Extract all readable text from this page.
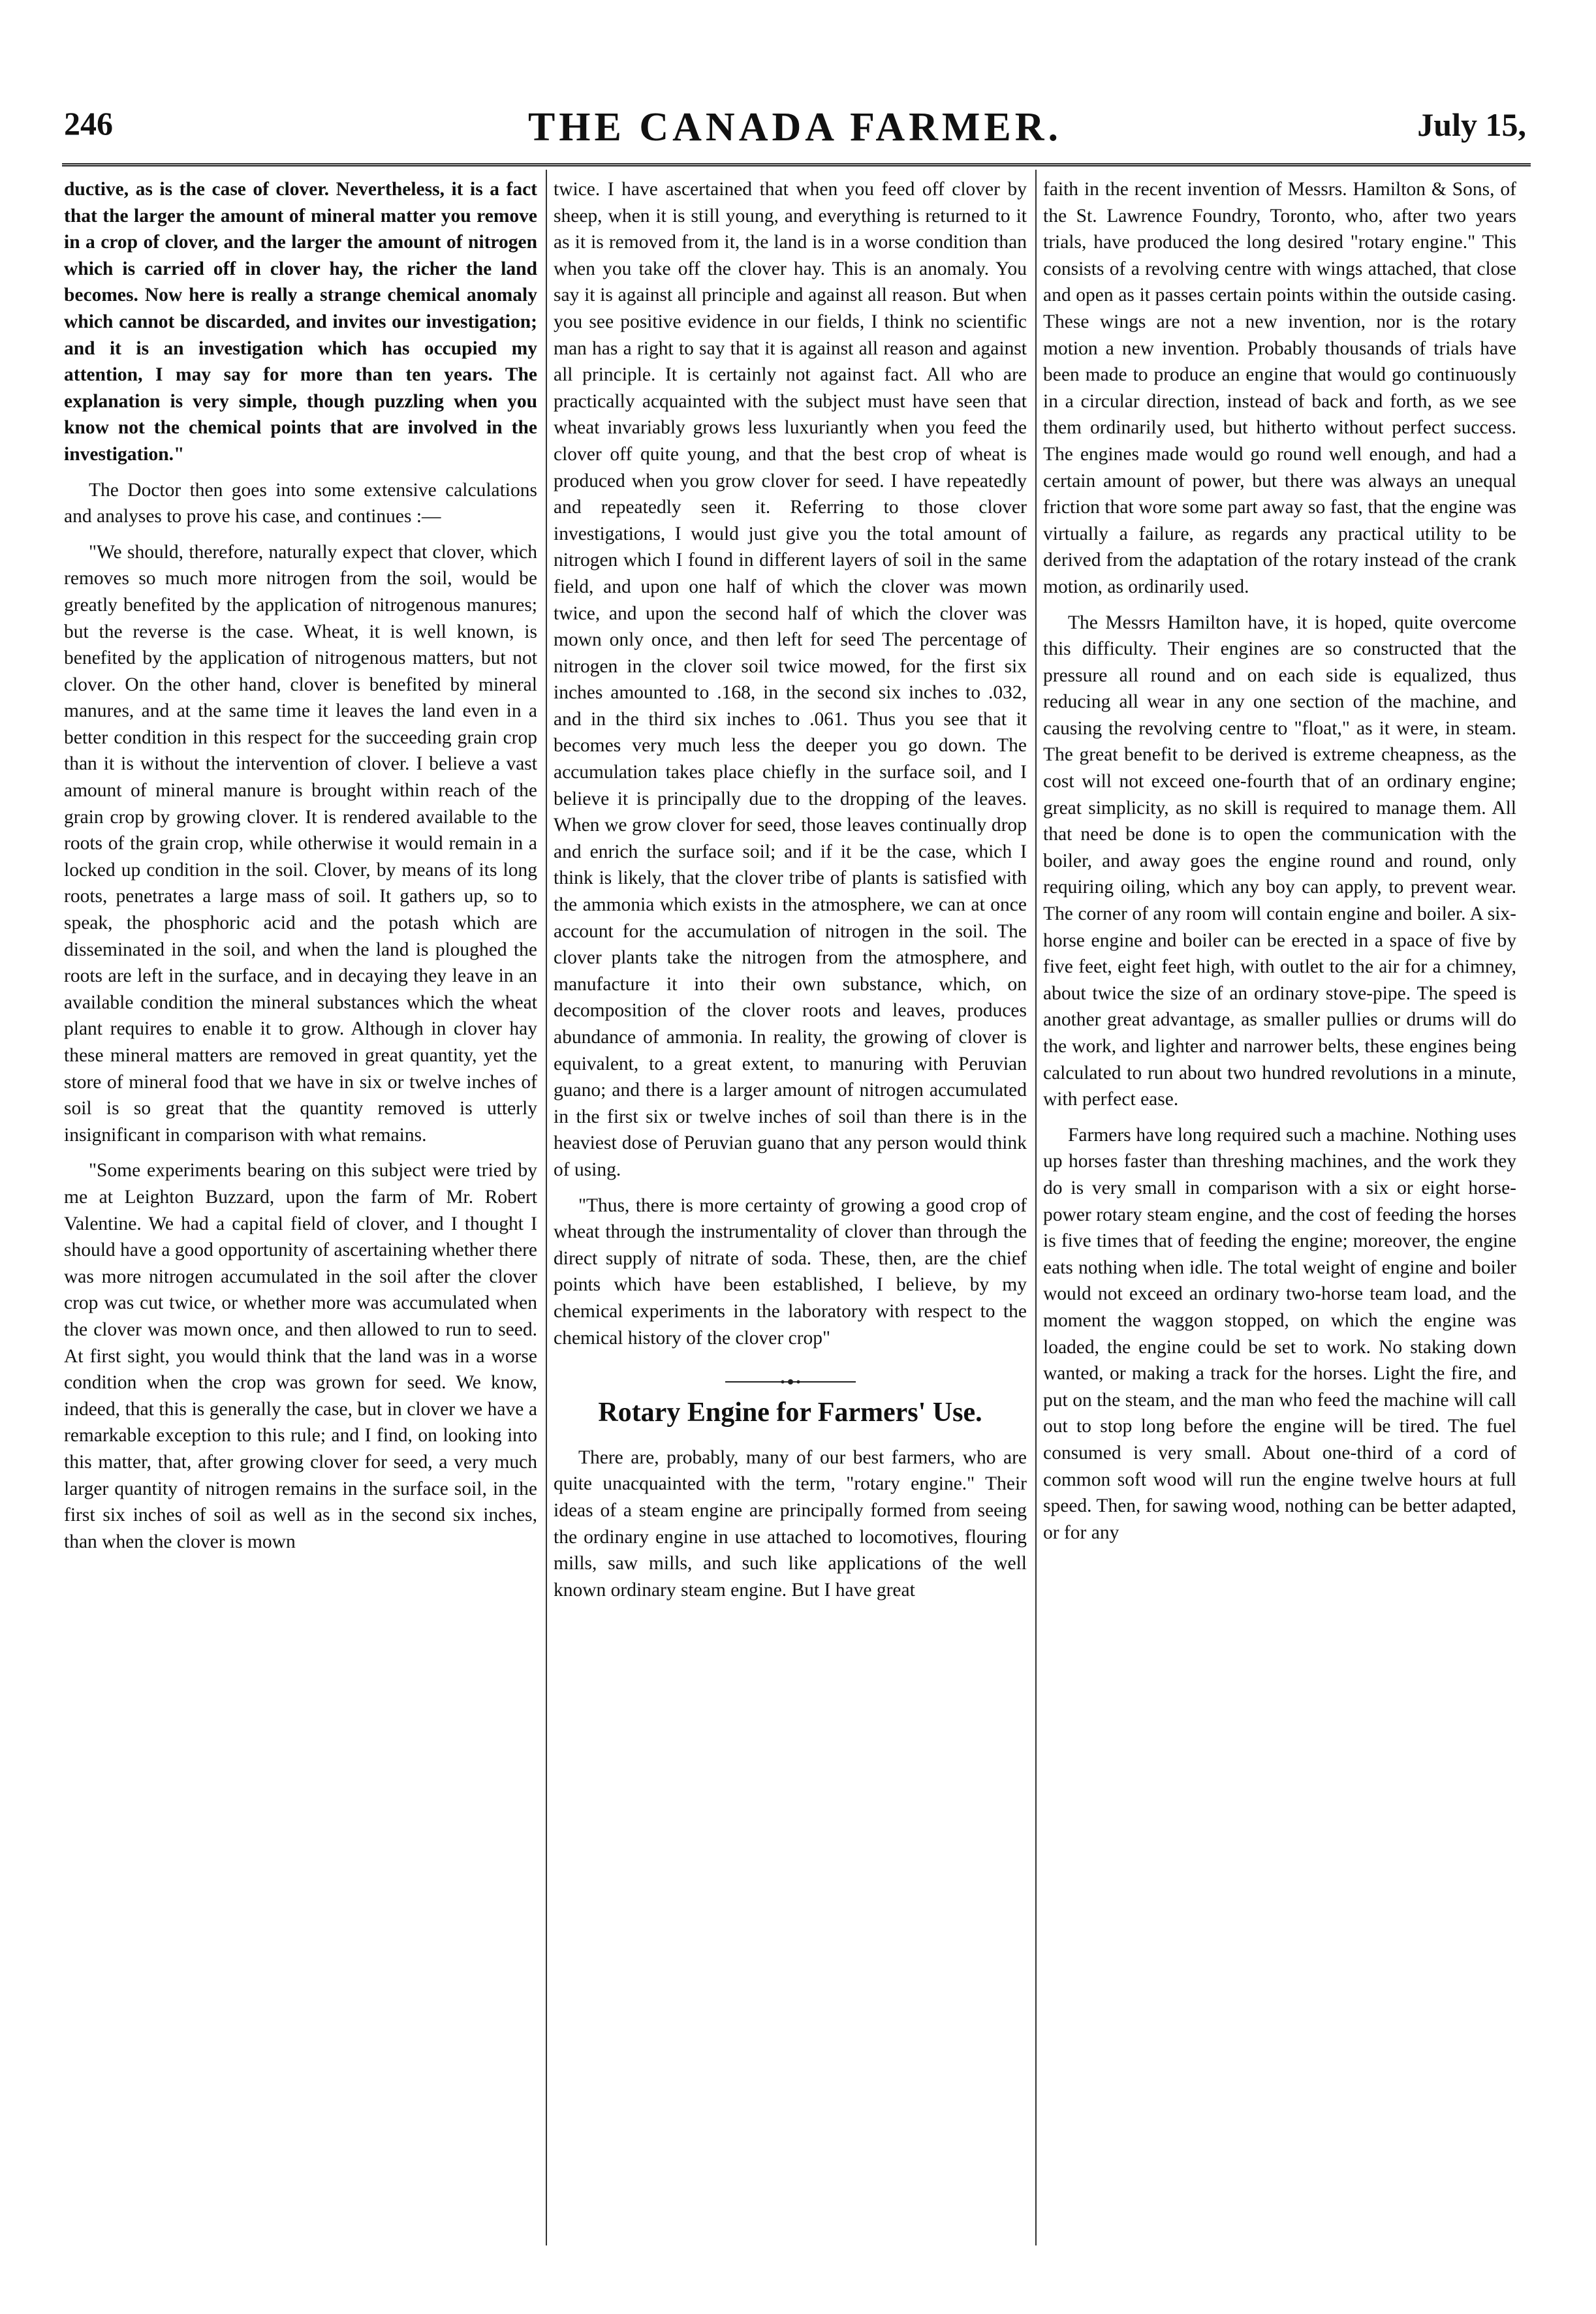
246	THE CANADA FARMER.	July 15,

ductive, as is the case of clover. Nevertheless, it is a fact that the larger the amount of mineral matter you remove in a crop of clover, and the larger the amount of nitrogen which is carried off in clover hay, the richer the land becomes. Now here is really a strange chemical anomaly which cannot be discarded, and invites our investigation; and it is an investigation which has occupied my attention, I may say for more than ten years. The explanation is very simple, though puzzling when you know not the chemical points that are involved in the investigation."

The Doctor then goes into some extensive calculations and analyses to prove his case, and continues :—

"We should, therefore, naturally expect that clover, which removes so much more nitrogen from the soil, would be greatly benefited by the application of nitrogenous manures; but the reverse is the case. Wheat, it is well known, is benefited by the application of nitrogenous matters, but not clover. On the other hand, clover is benefited by mineral manures, and at the same time it leaves the land even in a better condition in this respect for the succeeding grain crop than it is without the intervention of clover. I believe a vast amount of mineral manure is brought within reach of the grain crop by growing clover. It is rendered available to the roots of the grain crop, while otherwise it would remain in a locked up condition in the soil. Clover, by means of its long roots, penetrates a large mass of soil. It gathers up, so to speak, the phosphoric acid and the potash which are disseminated in the soil, and when the land is ploughed the roots are left in the surface, and in decaying they leave in an available condition the mineral substances which the wheat plant requires to enable it to grow. Although in clover hay these mineral matters are removed in great quantity, yet the store of mineral food that we have in six or twelve inches of soil is so great that the quantity removed is utterly insignificant in comparison with what remains.

"Some experiments bearing on this subject were tried by me at Leighton Buzzard, upon the farm of Mr. Robert Valentine. We had a capital field of clover, and I thought I should have a good opportunity of ascertaining whether there was more nitrogen accumulated in the soil after the clover crop was cut twice, or whether more was accumulated when the clover was mown once, and then allowed to run to seed. At first sight, you would think that the land was in a worse condition when the crop was grown for seed. We know, indeed, that this is generally the case, but in clover we have a remarkable exception to this rule; and I find, on looking into this matter, that, after growing clover for seed, a very much larger quantity of nitrogen remains in the surface soil, in the first six inches of soil as well as in the second six inches, than when the clover is mown

twice. I have ascertained that when you feed off clover by sheep, when it is still young, and everything is returned to it as it is removed from it, the land is in a worse condition than when you take off the clover hay. This is an anomaly. You say it is against all principle and against all reason. But when you see positive evidence in our fields, I think no scientific man has a right to say that it is against all reason and against all principle. It is certainly not against fact. All who are practically acquainted with the subject must have seen that wheat invariably grows less luxuriantly when you feed the clover off quite young, and that the best crop of wheat is produced when you grow clover for seed. I have repeatedly and repeatedly seen it. Referring to those clover investigations, I would just give you the total amount of nitrogen which I found in different layers of soil in the same field, and upon one half of which the clover was mown twice, and upon the second half of which the clover was mown only once, and then left for seed The percentage of nitrogen in the clover soil twice mowed, for the first six inches amounted to .168, in the second six inches to .032, and in the third six inches to .061. Thus you see that it becomes very much less the deeper you go down. The accumulation takes place chiefly in the surface soil, and I believe it is principally due to the dropping of the leaves. When we grow clover for seed, those leaves continually drop and enrich the surface soil; and if it be the case, which I think is likely, that the clover tribe of plants is satisfied with the ammonia which exists in the atmosphere, we can at once account for the accumulation of nitrogen in the soil. The clover plants take the nitrogen from the atmosphere, and manufacture it into their own substance, which, on decomposition of the clover roots and leaves, produces abundance of ammonia. In reality, the growing of clover is equivalent, to a great extent, to manuring with Peruvian guano; and there is a larger amount of nitrogen accumulated in the first six or twelve inches of soil than there is in the heaviest dose of Peruvian guano that any person would think of using.

"Thus, there is more certainty of growing a good crop of wheat through the instrumentality of clover than through the direct supply of nitrate of soda. These, then, are the chief points which have been established, I believe, by my chemical experiments in the laboratory with respect to the chemical history of the clover crop"

Rotary Engine for Farmers' Use.

There are, probably, many of our best farmers, who are quite unacquainted with the term, "rotary engine." Their ideas of a steam engine are principally formed from seeing the ordinary engine in use attached to locomotives, flouring mills, saw mills, and such like applications of the well known ordinary steam engine. But I have great

faith in the recent invention of Messrs. Hamilton & Sons, of the St. Lawrence Foundry, Toronto, who, after two years trials, have produced the long desired "rotary engine." This consists of a revolving centre with wings attached, that close and open as it passes certain points within the outside casing. These wings are not a new invention, nor is the rotary motion a new invention. Probably thousands of trials have been made to produce an engine that would go continuously in a circular direction, instead of back and forth, as we see them ordinarily used, but hitherto without perfect success. The engines made would go round well enough, and had a certain amount of power, but there was always an unequal friction that wore some part away so fast, that the engine was virtually a failure, as regards any practical utility to be derived from the adaptation of the rotary instead of the crank motion, as ordinarily used.

The Messrs Hamilton have, it is hoped, quite overcome this difficulty. Their engines are so constructed that the pressure all round and on each side is equalized, thus reducing all wear in any one section of the machine, and causing the revolving centre to "float," as it were, in steam. The great benefit to be derived is extreme cheapness, as the cost will not exceed one-fourth that of an ordinary engine; great simplicity, as no skill is required to manage them. All that need be done is to open the communication with the boiler, and away goes the engine round and round, only requiring oiling, which any boy can apply, to prevent wear. The corner of any room will contain engine and boiler. A six-horse engine and boiler can be erected in a space of five by five feet, eight feet high, with outlet to the air for a chimney, about twice the size of an ordinary stove-pipe. The speed is another great advantage, as smaller pullies or drums will do the work, and lighter and narrower belts, these engines being calculated to run about two hundred revolutions in a minute, with perfect ease.

Farmers have long required such a machine. Nothing uses up horses faster than threshing machines, and the work they do is very small in comparison with a six or eight horse-power rotary steam engine, and the cost of feeding the horses is five times that of feeding the engine; moreover, the engine eats nothing when idle. The total weight of engine and boiler would not exceed an ordinary two-horse team load, and the moment the waggon stopped, on which the engine was loaded, the engine could be set to work. No staking down wanted, or making a track for the horses. Light the fire, and put on the steam, and the man who feed the machine will call out to stop long before the engine will be tired. The fuel consumed is very small. About one-third of a cord of common soft wood will run the engine twelve hours at full speed. Then, for sawing wood, nothing can be better adapted, or for any
